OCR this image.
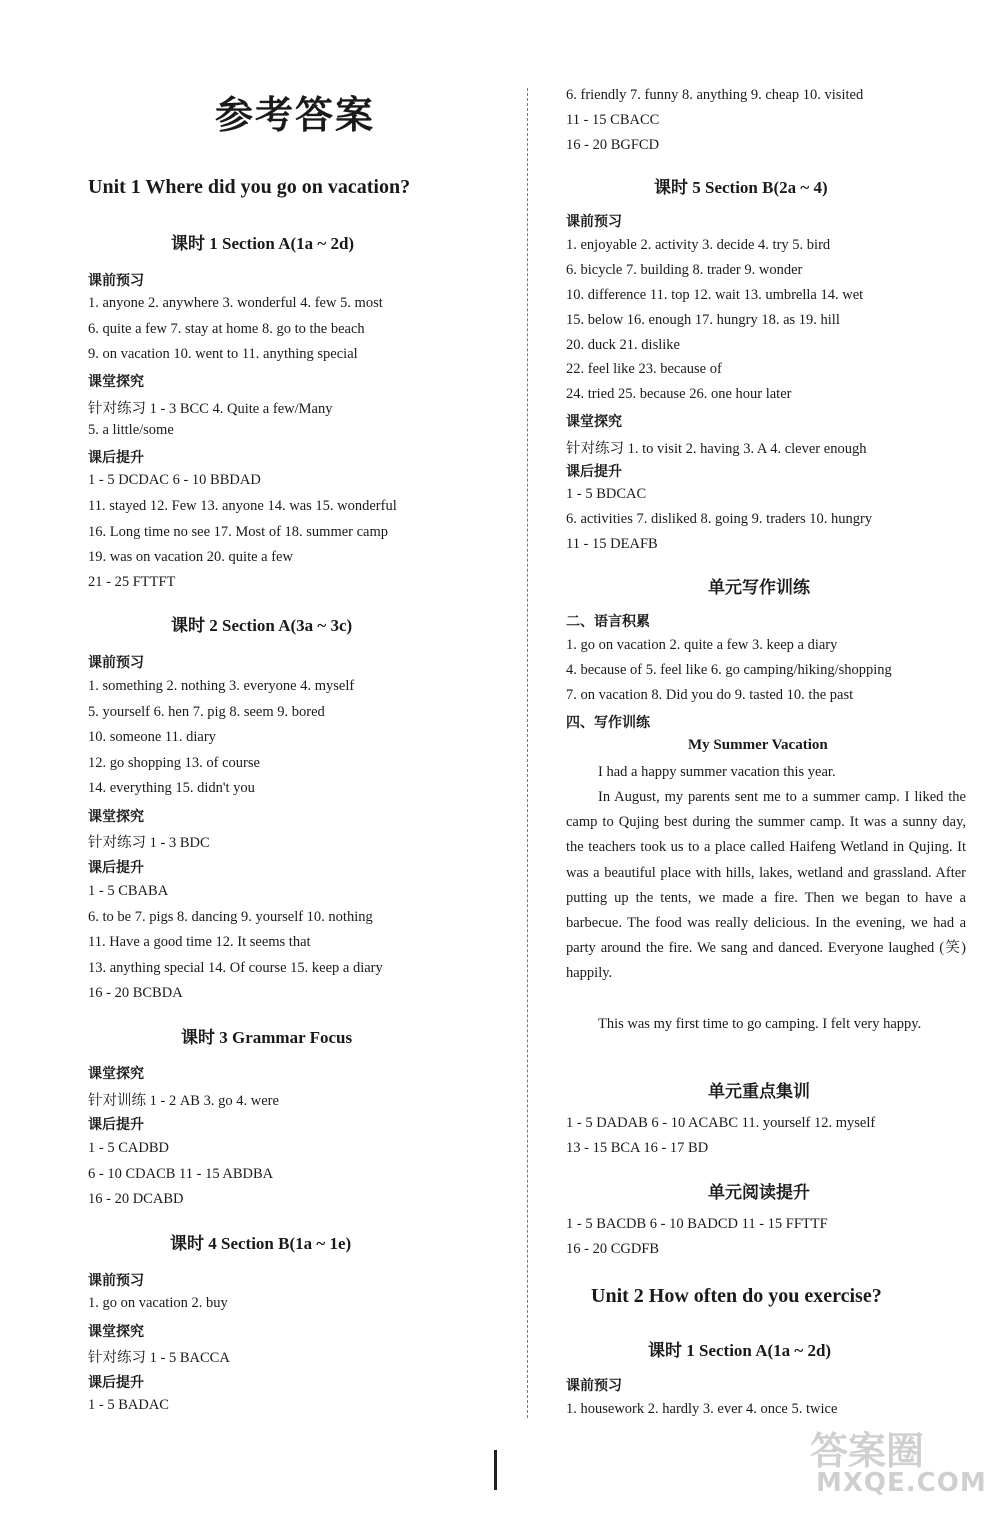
参考答案
Unit 1 Where did you go on vacation?
课时 1 Section A(1a ~ 2d)
课前预习
1. anyone 2. anywhere 3. wonderful 4. few 5. most
6. quite a few 7. stay at home 8. go to the beach
9. on vacation 10. went to 11. anything special
课堂探究
针对练习 1 - 3 BCC 4. Quite a few/Many
5. a little/some
课后提升
1 - 5 DCDAC 6 - 10 BBDAD
11. stayed 12. Few 13. anyone 14. was 15. wonderful
16. Long time no see 17. Most of 18. summer camp
19. was on vacation 20. quite a few
21 - 25 FTTFT
课时 2 Section A(3a ~ 3c)
课前预习
1. something 2. nothing 3. everyone 4. myself
5. yourself 6. hen 7. pig 8. seem 9. bored
10. someone 11. diary
12. go shopping 13. of course
14. everything 15. didn't you
课堂探究
针对练习 1 - 3 BDC
课后提升
1 - 5 CBABA
6. to be 7. pigs 8. dancing 9. yourself 10. nothing
11. Have a good time 12. It seems that
13. anything special 14. Of course 15. keep a diary
16 - 20 BCBDA
课时 3 Grammar Focus
课堂探究
针对训练 1 - 2 AB 3. go 4. were
课后提升
1 - 5 CADBD
6 - 10 CDACB 11 - 15 ABDBA
16 - 20 DCABD
课时 4 Section B(1a ~ 1e)
课前预习
1. go on vacation 2. buy
课堂探究
针对练习 1 - 5 BACCA
课后提升
1 - 5 BADAC
6. friendly 7. funny 8. anything 9. cheap 10. visited
11 - 15 CBACC
16 - 20 BGFCD
课时 5 Section B(2a ~ 4)
课前预习
1. enjoyable 2. activity 3. decide 4. try 5. bird
6. bicycle 7. building 8. trader 9. wonder
10. difference 11. top 12. wait 13. umbrella 14. wet
15. below 16. enough 17. hungry 18. as 19. hill
20. duck 21. dislike
22. feel like 23. because of
24. tried 25. because 26. one hour later
课堂探究
针对练习 1. to visit 2. having 3. A 4. clever enough
课后提升
1 - 5 BDCAC
6. activities 7. disliked 8. going 9. traders 10. hungry
11 - 15 DEAFB
单元写作训练
二、语言积累
1. go on vacation 2. quite a few 3. keep a diary
4. because of 5. feel like 6. go camping/hiking/shopping
7. on vacation 8. Did you do 9. tasted 10. the past
四、写作训练
My Summer Vacation
I had a happy summer vacation this year.
In August, my parents sent me to a summer camp. I liked the camp to Qujing best during the summer camp. It was a sunny day, the teachers took us to a place called Haifeng Wetland in Qujing. It was a beautiful place with hills, lakes, wetland and grassland. After putting up the tents, we made a fire. Then we began to have a barbecue. The food was really delicious. In the evening, we had a party around the fire. We sang and danced. Everyone laughed (笑) happily.
This was my first time to go camping. I felt very happy.
单元重点集训
1 - 5 DADAB 6 - 10 ACABC 11. yourself 12. myself
13 - 15 BCA 16 - 17 BD
单元阅读提升
1 - 5 BACDB 6 - 10 BADCD 11 - 15 FFTTF
16 - 20 CGDFB
Unit 2 How often do you exercise?
课时 1 Section A(1a ~ 2d)
课前预习
1. housework 2. hardly 3. ever 4. once 5. twice
答案圈
MXQE.COM
